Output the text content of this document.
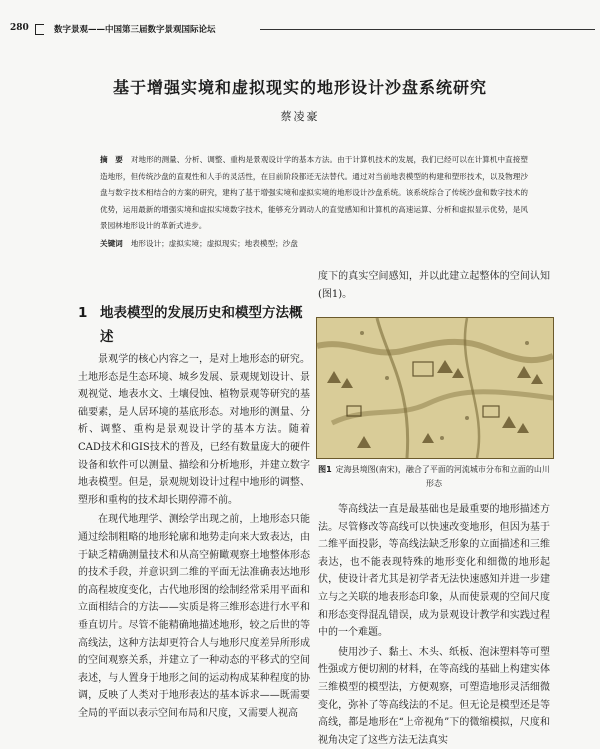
280	数字景观——中国第三届数字景观国际论坛
基于增强实境和虚拟现实的地形设计沙盘系统研究
蔡凌豪
摘　要 对地形的测量、分析、调整、重构是景观设计学的基本方法。由于计算机技术的发展，我们已经可以在计算机中直接塑造地形，但传统沙盘的直观性和人手的灵活性，在目前阶段都还无法替代。通过对当前地表模型的构建和塑形技术，以及物理沙盘与数字技术相结合的方案的研究，建构了基于增强实境和虚拟实境的地形设计沙盘系统。该系统综合了传统沙盘和数字技术的优势，运用最新的增强实境和虚拟实境数字技术，能够充分调动人的直觉感知和计算机的高速运算、分析和虚拟显示优势，是风景园林地形设计的革新式进步。
关键词 地形设计；虚拟实境；虚拟现实；地表模型；沙盘

度下的真实空间感知，并以此建立起整体的空间认知(图1)。

1 地表模型的发展历史和模型方法概述
图1 定海县境图(南宋)，融合了平面的河流城市分布和立面的山川形态

景观学的核心内容之一，是对上地形态的研究。土地形态是生态环境、城乡发展、景观规划设计、景观视觉、地表水文、土壤侵蚀、植物景观等研究的基础要素，是人居环境的基底形态。对地形的测量、分析、调整、重构是景观设计学的基本方法。随着CAD技术和GIS技术的普及，已经有数量庞大的硬件设备和软件可以测量、描绘和分析地形，并建立数字地表模型。但是，景观规划设计过程中地形的调整、塑形和重构的技术却长期停滞不前。

在现代地理学、测绘学出现之前，上地形态只能通过绘制粗略的地形轮廓和地势走向来大致表达，由于缺乏精确测量技术和从高空俯瞰观察土地整体形态的技术手段，并意识到二维的平面无法准确表达地形的高程坡度变化，古代地形图的绘制经常采用平面和立面相结合的方法——实质是将三维形态进行水平和垂直切片。尽管不能精确地描述地形，较之后世的等高线法，这种方法却更符合人与地形尺度差异所形成的空间观察关系，并建立了一种动态的平移式的空间表述，与人置身于地形之间的运动构成某种程度的协调，反映了人类对于地形表达的基本诉求——既需要全局的平面以表示空间布局和尺度，又需要人视高

等高线法一直是最基础也是最重要的地形描述方法。尽管修改等高线可以快速改变地形，但因为基于二维平面投影，等高线法缺乏形象的立面描述和三维表达，也不能表现特殊的地形变化和细微的地形起伏，使设计者尤其是初学者无法快速感知并进一步建立与之关联的地表形态印象，从而使景观的空间尺度和形态变得混乱错误，成为景观设计教学和实践过程中的一个难题。

使用沙子、黏土、木头、纸板、泡沫塑料等可塑性强或方便切割的材料，在等高线的基础上构建实体三维模型的模型法，方便观察，可塑造地形灵活细微变化，弥补了等高线法的不足。但无论是模型还是等高线，都是地形在“上帝视角”下的微缩模拟，尺度和视角决定了这些方法无法真实
